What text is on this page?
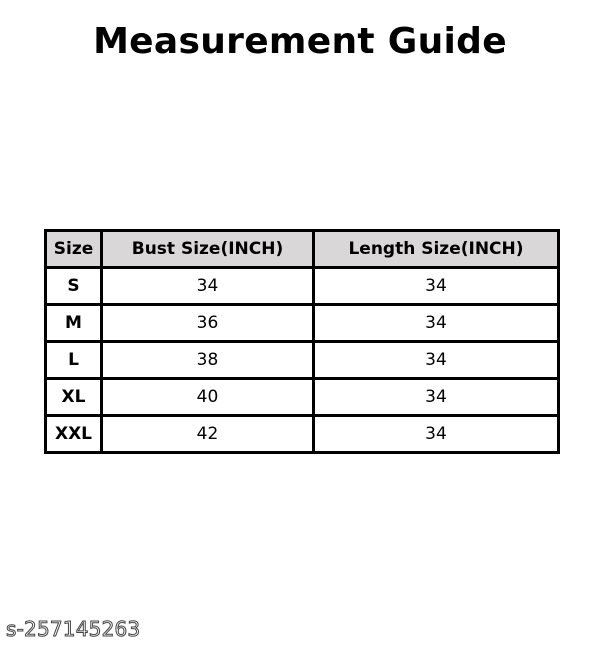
Measurement Guide
Size	Bust Size(INCH)	Length Size(INCH)
S	34	34
M	36	34
L	38	34
XL	40	34
XXL	42	34
s-257145263
